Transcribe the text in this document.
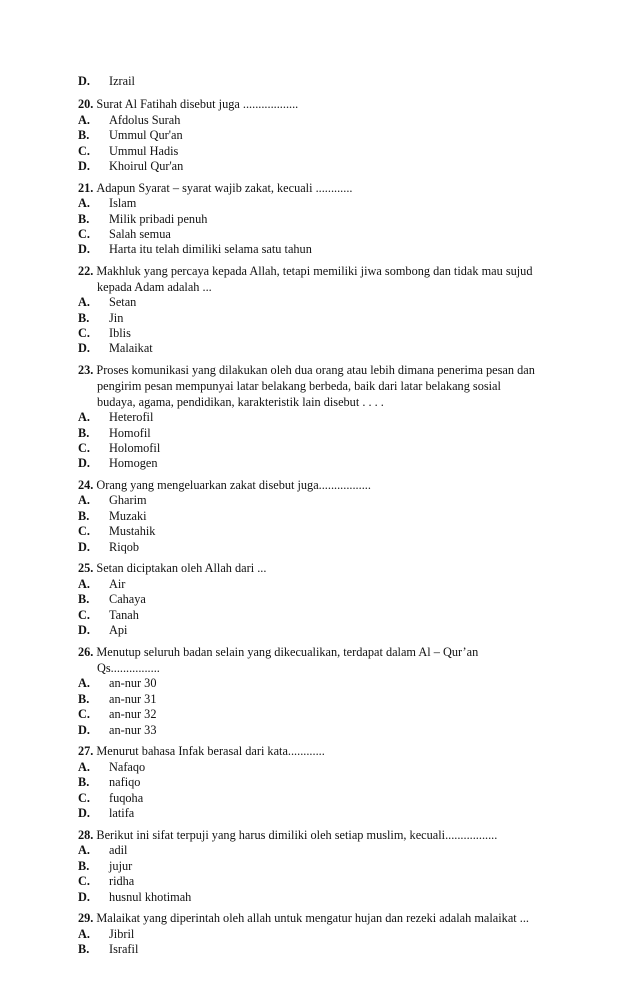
D. Izrail
20. Surat Al Fatihah disebut juga ..................
A. Afdolus Surah
B. Ummul Qur'an
C. Ummul Hadis
D. Khoirul Qur'an
21. Adapun Syarat – syarat wajib zakat, kecuali ............
A. Islam
B. Milik pribadi penuh
C. Salah semua
D. Harta itu telah dimiliki selama satu tahun
22. Makhluk yang percaya kepada Allah, tetapi memiliki jiwa sombong dan tidak mau sujud
kepada Adam adalah ...
A. Setan
B. Jin
C. Iblis
D. Malaikat
23. Proses komunikasi yang dilakukan oleh dua orang atau lebih dimana penerima pesan dan
pengirim pesan mempunyai latar belakang berbeda, baik dari latar belakang sosial
budaya, agama, pendidikan, karakteristik lain disebut . . . .
A. Heterofil
B. Homofil
C. Holomofil
D. Homogen
24. Orang yang mengeluarkan zakat disebut juga.................
A. Gharim
B. Muzaki
C. Mustahik
D. Riqob
25. Setan diciptakan oleh Allah dari ...
A. Air
B. Cahaya
C. Tanah
D. Api
26. Menutup seluruh badan selain yang dikecualikan, terdapat dalam Al – Qur’an
Qs................
A. an-nur 30
B. an-nur 31
C. an-nur 32
D. an-nur 33
27. Menurut bahasa Infak berasal dari kata............
A. Nafaqo
B. nafiqo
C. fuqoha
D. latifa
28. Berikut ini sifat terpuji yang harus dimiliki oleh setiap muslim, kecuali.................
A. adil
B. jujur
C. ridha
D. husnul khotimah
29. Malaikat yang diperintah oleh allah untuk mengatur hujan dan rezeki adalah malaikat ...
A. Jibril
B. Israfil
